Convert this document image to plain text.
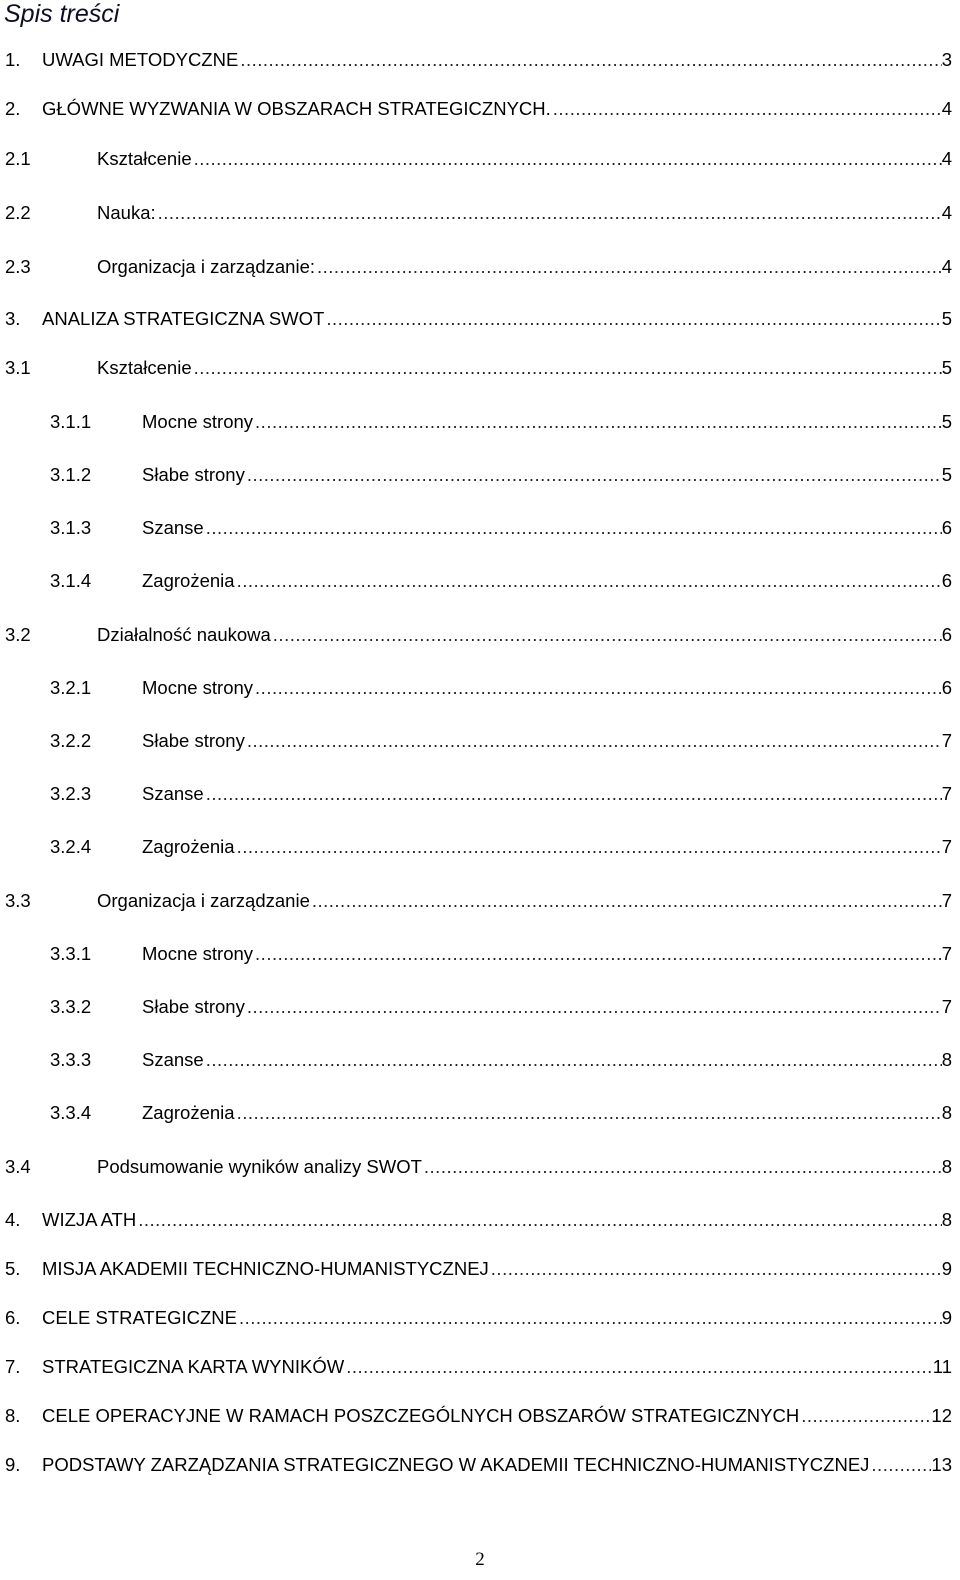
Spis treści
1.	UWAGI METODYCZNE .....	3
2.	GŁÓWNE WYZWANIA W OBSZARACH STRATEGICZNYCH. .....	4
2.1	Kształcenie .....	4
2.2	Nauka: .....	4
2.3	Organizacja i zarządzanie: .....	4
3.	ANALIZA STRATEGICZNA SWOT .....	5
3.1	Kształcenie .....	5
3.1.1	Mocne strony .....	5
3.1.2	Słabe strony .....	5
3.1.3	Szanse .....	6
3.1.4	Zagrożenia .....	6
3.2	Działalność naukowa .....	6
3.2.1	Mocne strony .....	6
3.2.2	Słabe strony .....	7
3.2.3	Szanse .....	7
3.2.4	Zagrożenia .....	7
3.3	Organizacja i zarządzanie .....	7
3.3.1	Mocne strony .....	7
3.3.2	Słabe strony .....	7
3.3.3	Szanse .....	8
3.3.4	Zagrożenia .....	8
3.4	Podsumowanie wyników analizy SWOT .....	8
4.	WIZJA ATH .....	8
5.	MISJA AKADEMII TECHNICZNO-HUMANISTYCZNEJ .....	9
6.	CELE STRATEGICZNE .....	9
7.	STRATEGICZNA KARTA WYNIKÓW .....	11
8.	CELE OPERACYJNE W RAMACH POSZCZEGÓLNYCH OBSZARÓW STRATEGICZNYCH .....	12
9.	PODSTAWY ZARZĄDZANIA STRATEGICZNEGO W AKADEMII TECHNICZNO-HUMANISTYCZNEJ .....	13
2
